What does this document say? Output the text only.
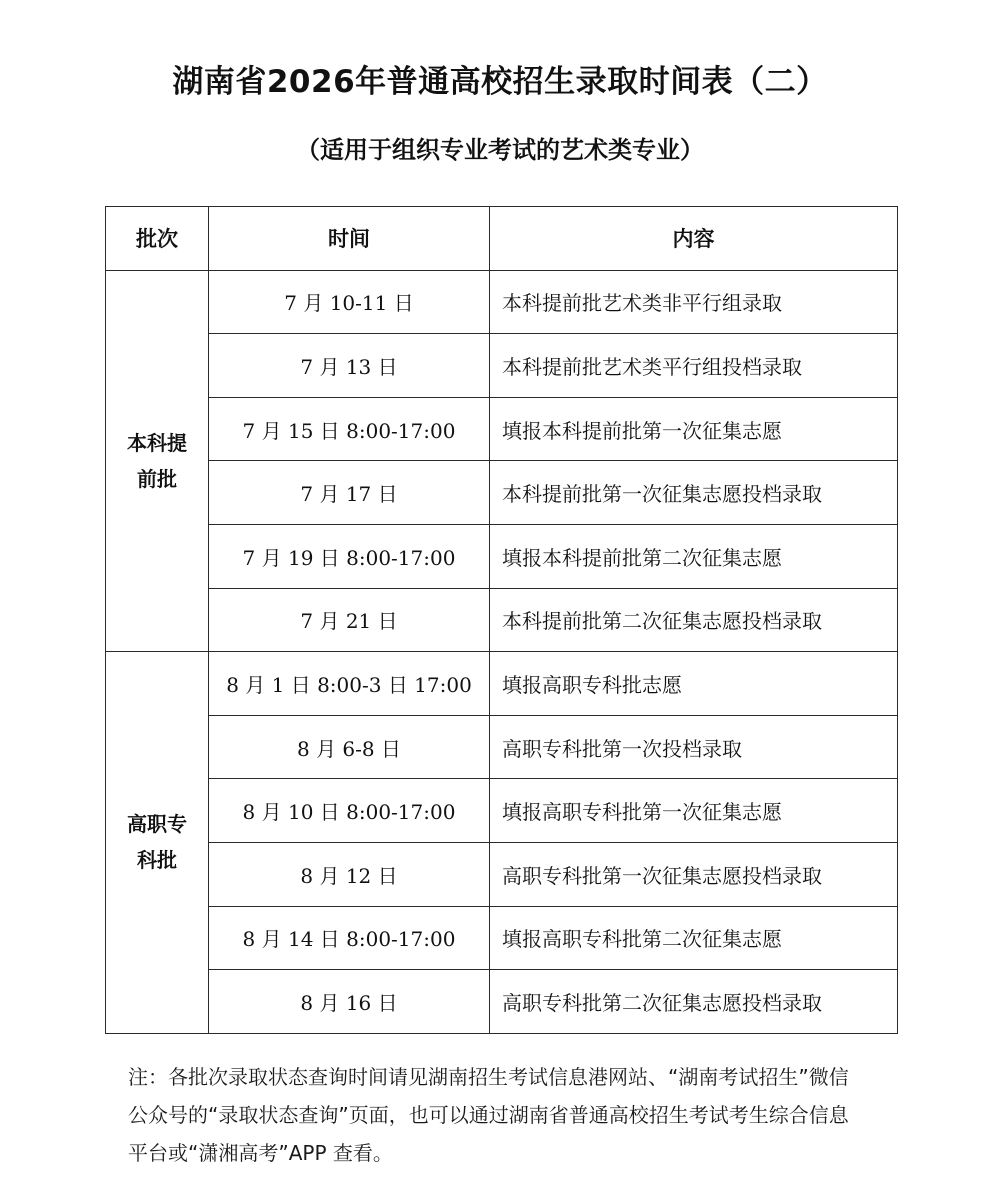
湖南省2026年普通高校招生录取时间表（二）
（适用于组织专业考试的艺术类专业）
批次	时间	内容
本科提前批	7 月 10-11 日	本科提前批艺术类非平行组录取
	7 月 13 日	本科提前批艺术类平行组投档录取
	7 月 15 日 8:00-17:00	填报本科提前批第一次征集志愿
	7 月 17 日	本科提前批第一次征集志愿投档录取
	7 月 19 日 8:00-17:00	填报本科提前批第二次征集志愿
	7 月 21 日	本科提前批第二次征集志愿投档录取
高职专科批	8 月 1 日 8:00-3 日 17:00	填报高职专科批志愿
	8 月 6-8 日	高职专科批第一次投档录取
	8 月 10 日 8:00-17:00	填报高职专科批第一次征集志愿
	8 月 12 日	高职专科批第一次征集志愿投档录取
	8 月 14 日 8:00-17:00	填报高职专科批第二次征集志愿
	8 月 16 日	高职专科批第二次征集志愿投档录取

注：各批次录取状态查询时间请见湖南招生考试信息港网站、“湖南考试招生”微信公众号的“录取状态查询”页面，也可以通过湖南省普通高校招生考试考生综合信息平台或“潇湘高考”APP 查看。
